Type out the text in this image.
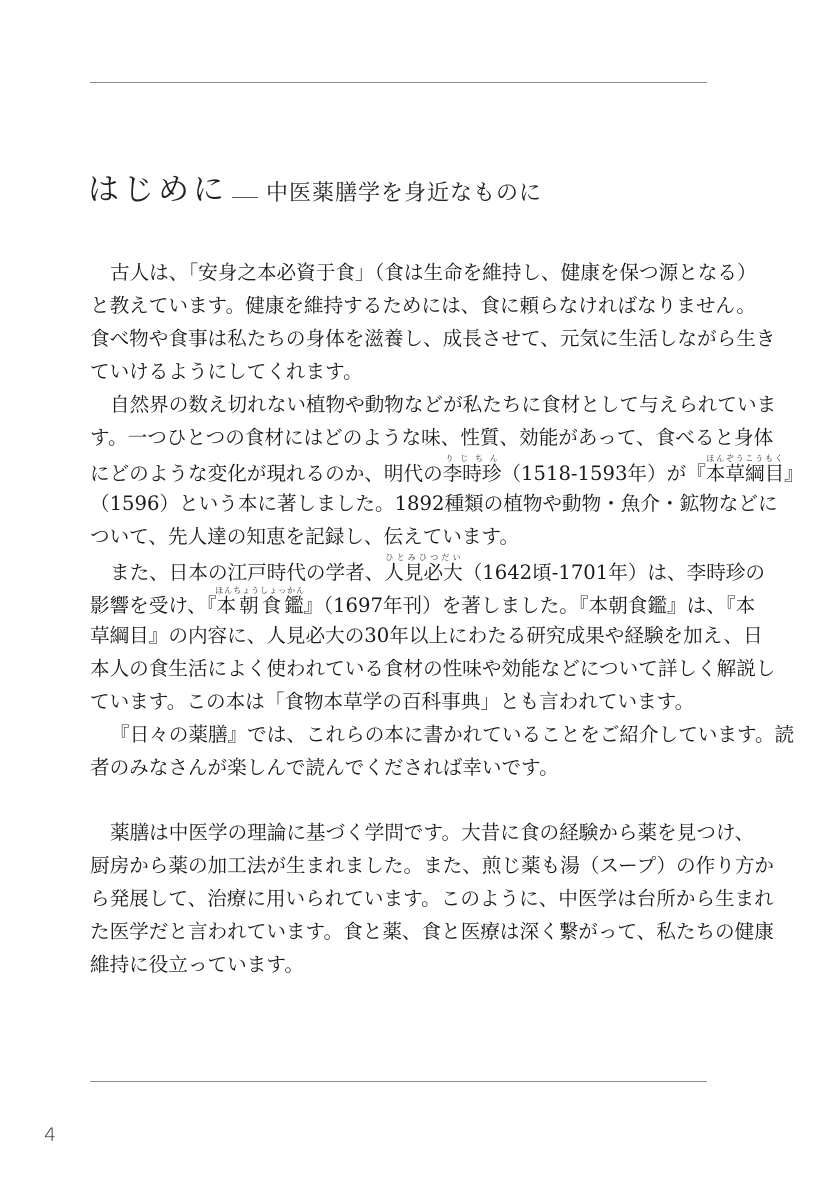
はじめに 中医薬膳学を身近なものに
古人は、「安身之本必資于食」（食は生命を維持し、健康を保つ源となる）
と教えています。健康を維持するためには、食に頼らなければなりません。
食べ物や食事は私たちの身体を滋養し、成長させて、元気に生活しながら生き
ていけるようにしてくれます。
自然界の数え切れない植物や動物などが私たちに食材として与えられていま
す。一つひとつの食材にはどのような味、性質、効能があって、食べると身体
にどのような変化が現れるのか、明代の李時珍りじちん（1518-1593年）が『本草綱目ほんぞうこうもく』
（1596）という本に著しました。1892種類の植物や動物・魚介・鉱物などに
ついて、先人達の知恵を記録し、伝えています。
また、日本の江戸時代の学者、人見必大ひとみひつだい（1642頃-1701年）は、李時珍の
影響を受け、『本朝食鑑ほんちょうしょっかん』（1697年刊）を著しました。『本朝食鑑』は、『本
草綱目』の内容に、人見必大の30年以上にわたる研究成果や経験を加え、日
本人の食生活によく使われている食材の性味や効能などについて詳しく解説し
ています。この本は「食物本草学の百科事典」とも言われています。
『日々の薬膳』では、これらの本に書かれていることをご紹介しています。読
者のみなさんが楽しんで読んでくだされば幸いです。
薬膳は中医学の理論に基づく学問です。大昔に食の経験から薬を見つけ、
厨房から薬の加工法が生まれました。また、煎じ薬も湯（スープ）の作り方か
ら発展して、治療に用いられています。このように、中医学は台所から生まれ
た医学だと言われています。食と薬、食と医療は深く繋がって、私たちの健康
維持に役立っています。
4
